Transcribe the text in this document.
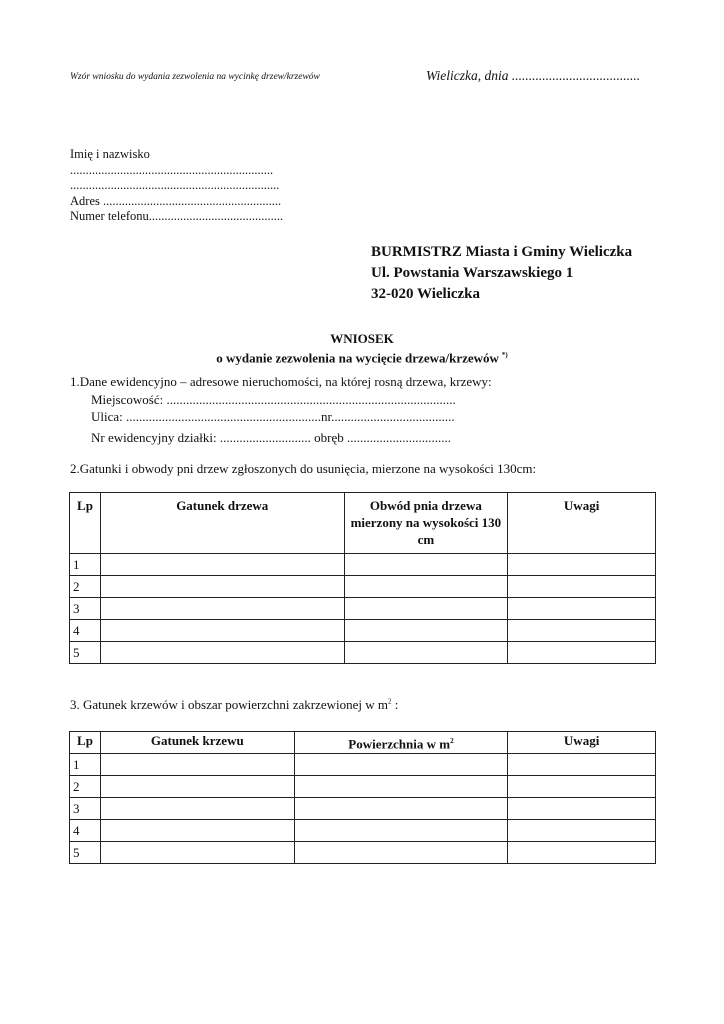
Wzór wniosku do wydania zezwolenia na wycinkę drzew/krzewów	Wieliczka, dnia ......................................
Imię i nazwisko
.................................................................
...................................................................
Adres .........................................................
Numer telefonu...........................................
BURMISTRZ Miasta i Gminy Wieliczka
Ul. Powstania Warszawskiego 1
32-020 Wieliczka
WNIOSEK
o wydanie zezwolenia na wycięcie drzewa/krzewów *)
1.Dane ewidencyjno – adresowe nieruchomości, na której rosną drzewa, krzewy:
Miejscowość: .........................................................................................
Ulica: ............................................................nr......................................
Nr ewidencyjny działki: ............................ obręb ................................
2.Gatunki i obwody pni drzew zgłoszonych do usunięcia, mierzone na wysokości 130cm:
Lp	Gatunek drzewa	Obwód pnia drzewa mierzony na wysokości 130 cm	Uwagi
1			
2			
3			
4			
5			
3. Gatunek krzewów i obszar powierzchni zakrzewionej w $m^2$ :
Lp	Gatunek krzewu	Powierzchnia w $m^2$	Uwagi
1			
2			
3			
4			
5			
